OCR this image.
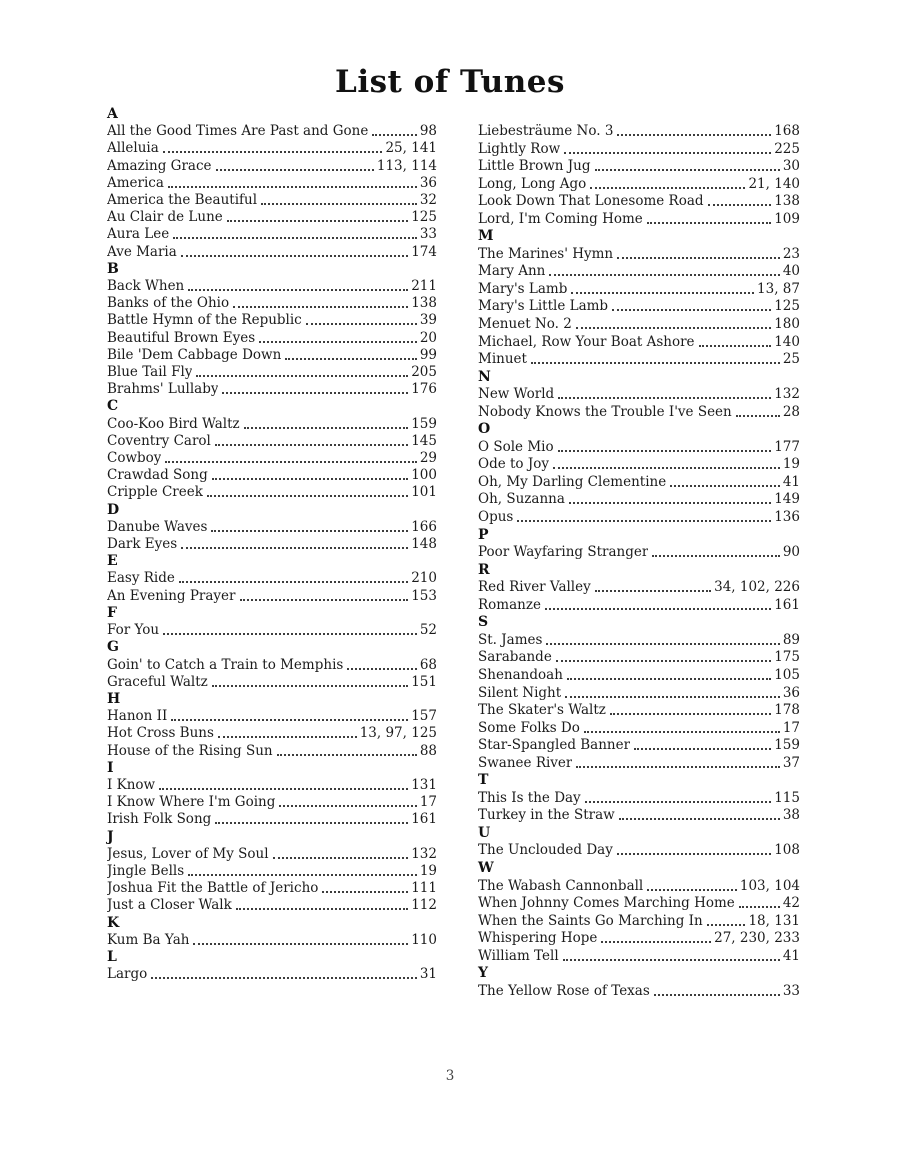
List of Tunes
A
All the Good Times Are Past and Gone	98
Alleluia	25, 141
Amazing Grace	113, 114
America	36
America the Beautiful	32
Au Clair de Lune	125
Aura Lee	33
Ave Maria	174
B
Back When	211
Banks of the Ohio	138
Battle Hymn of the Republic	39
Beautiful Brown Eyes	20
Bile 'Dem Cabbage Down	99
Blue Tail Fly	205
Brahms' Lullaby	176
C
Coo-Koo Bird Waltz	159
Coventry Carol	145
Cowboy	29
Crawdad Song	100
Cripple Creek	101
D
Danube Waves	166
Dark Eyes	148
E
Easy Ride	210
An Evening Prayer	153
F
For You	52
G
Goin' to Catch a Train to Memphis	68
Graceful Waltz	151
H
Hanon II	157
Hot Cross Buns	13, 97, 125
House of the Rising Sun	88
I
I Know	131
I Know Where I'm Going	17
Irish Folk Song	161
J
Jesus, Lover of My Soul	132
Jingle Bells	19
Joshua Fit the Battle of Jericho	111
Just a Closer Walk	112
K
Kum Ba Yah	110
L
Largo	31
Liebesträume No. 3	168
Lightly Row	225
Little Brown Jug	30
Long, Long Ago	21, 140
Look Down That Lonesome Road	138
Lord, I'm Coming Home	109
M
The Marines' Hymn	23
Mary Ann	40
Mary's Lamb	13, 87
Mary's Little Lamb	125
Menuet No. 2	180
Michael, Row Your Boat Ashore	140
Minuet	25
N
New World	132
Nobody Knows the Trouble I've Seen	28
O
O Sole Mio	177
Ode to Joy	19
Oh, My Darling Clementine	41
Oh, Suzanna	149
Opus	136
P
Poor Wayfaring Stranger	90
R
Red River Valley	34, 102, 226
Romanze	161
S
St. James	89
Sarabande	175
Shenandoah	105
Silent Night	36
The Skater's Waltz	178
Some Folks Do	17
Star-Spangled Banner	159
Swanee River	37
T
This Is the Day	115
Turkey in the Straw	38
U
The Unclouded Day	108
W
The Wabash Cannonball	103, 104
When Johnny Comes Marching Home	42
When the Saints Go Marching In	18, 131
Whispering Hope	27, 230, 233
William Tell	41
Y
The Yellow Rose of Texas	33
3
